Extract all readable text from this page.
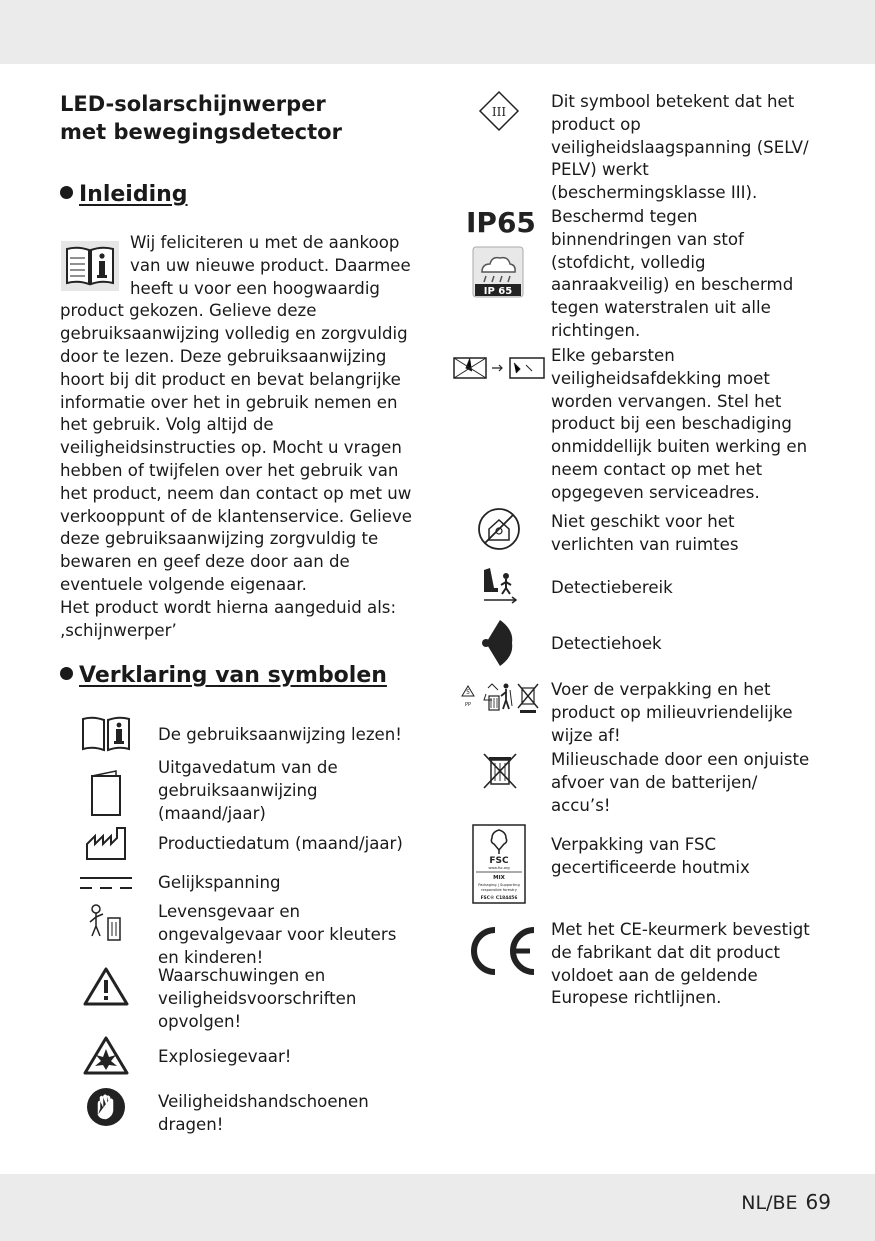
LED-solarschijnwerper
met bewegingsdetector
Inleiding
Wij feliciteren u met de aankoop van uw nieuwe product. Daarmee heeft u voor een hoogwaardig product gekozen. Gelieve deze gebruiksaanwijzing volledig en zorgvuldig door te lezen. Deze gebruiksaanwijzing hoort bij dit product en bevat belangrijke informatie over het in gebruik nemen en het gebruik. Volg altijd de veiligheidsinstructies op. Mocht u vragen hebben of twijfelen over het gebruik van het product, neem dan contact op met uw verkooppunt of de klantenservice. Gelieve deze gebruiksaanwijzing zorgvuldig te bewaren en geef deze door aan de eventuele volgende eigenaar.
Het product wordt hierna aangeduid als:
‚schijnwerper’
Verklaring van symbolen
De gebruiksaanwijzing lezen!
Uitgavedatum van de gebruiksaanwijzing (maand/jaar)
Productiedatum (maand/jaar)
Gelijkspanning
Levensgevaar en ongevalgevaar voor kleuters en kinderen!
Waarschuwingen en veiligheidsvoorschriften opvolgen!
Explosiegevaar!
Veiligheidshandschoenen dragen!
III
Dit symbool betekent dat het product op veiligheidslaagspanning (SELV/ PELV) werkt (beschermingsklasse III).
IP65
IP 65
Beschermd tegen binnendringen van stof (stofdicht, volledig aanraakveilig) en beschermd tegen waterstralen uit alle richtingen.
Elke gebarsten veiligheidsafdekking moet worden vervangen. Stel het product bij een beschadiging onmiddellijk buiten werking en neem contact op met het opgegeven serviceadres.
Niet geschikt voor het verlichten van ruimtes
Detectiebereik
Detectiehoek
5
PP
Voer de verpakking en het product op milieuvriendelijke wijze af!
Milieuschade door een onjuiste afvoer van de batterijen/ accu’s!
FSC
www.fsc.org
MIX
Packaging | Supporting
responsible forestry
FSC® C184456
Verpakking van FSC gecertificeerde houtmix
Met het CE-keurmerk bevestigt de fabrikant dat dit product voldoet aan de geldende Europese richtlijnen.
NL/BE 69
